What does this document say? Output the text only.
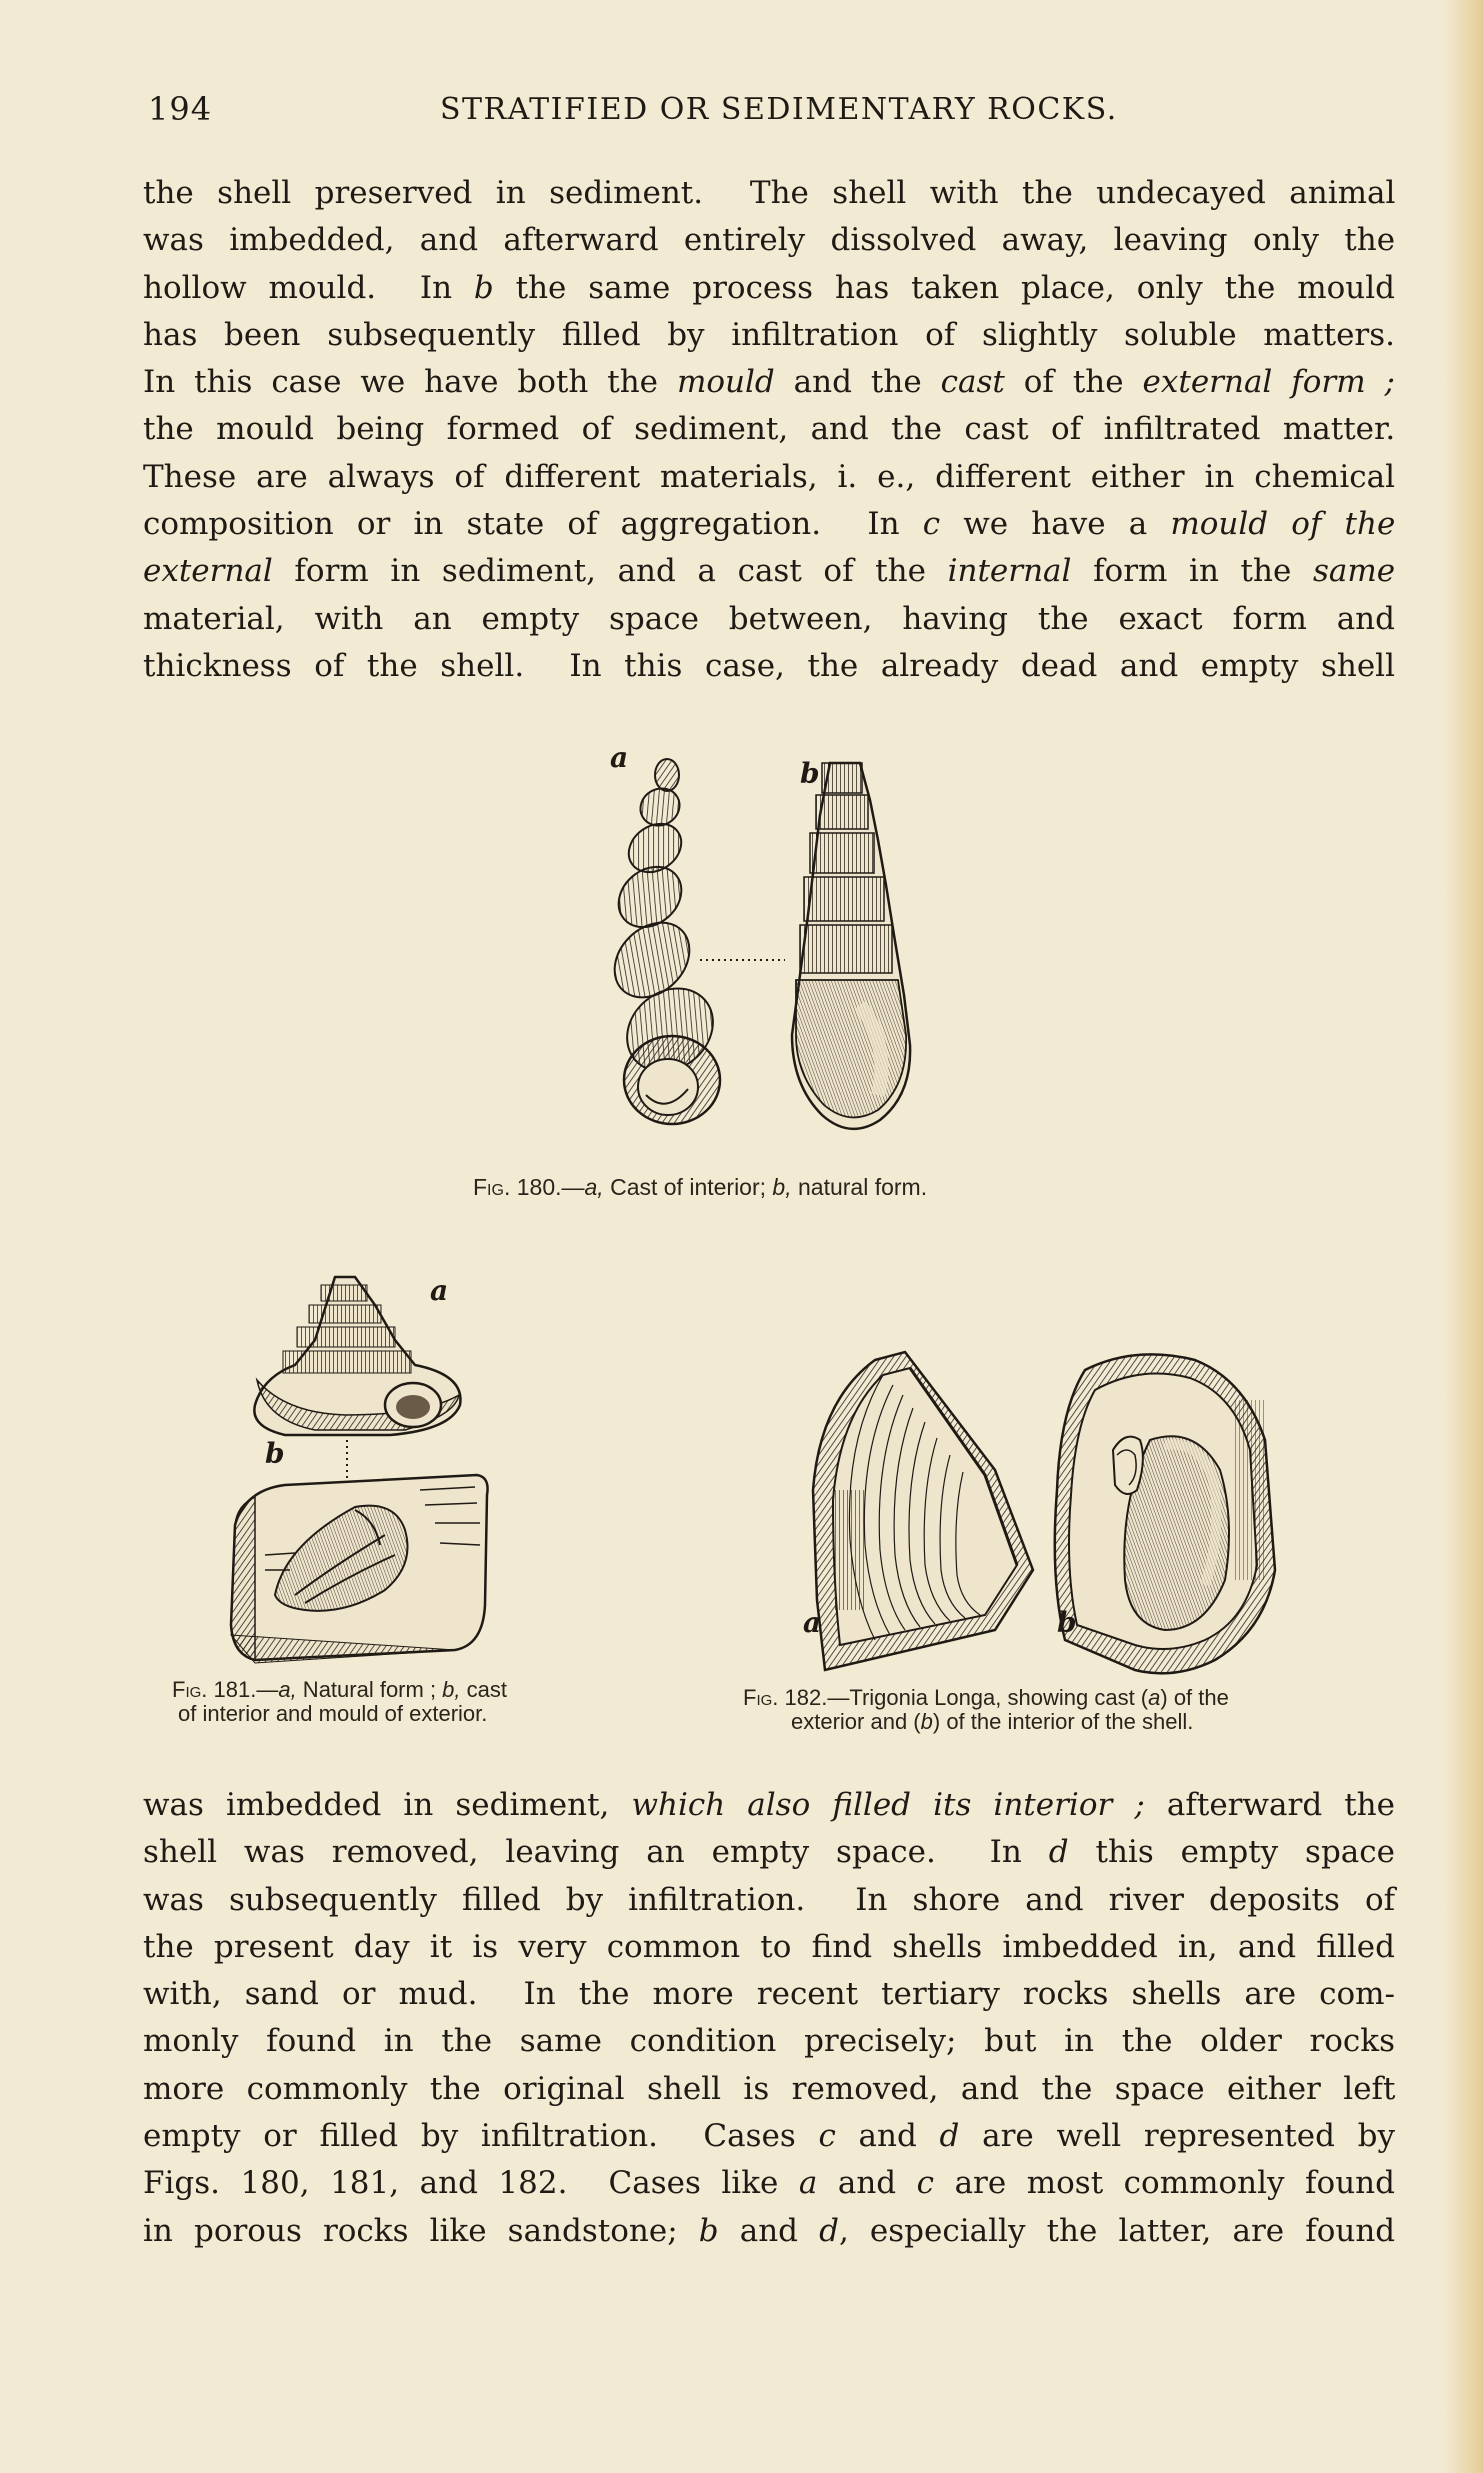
194	STRATIFIED OR SEDIMENTARY ROCKS.
the shell preserved in sediment.  The shell with the undecayed animal
was imbedded, and afterward entirely dissolved away, leaving only the
hollow mould.  In b the same process has taken place, only the mould
has been subsequently filled by infiltration of slightly soluble matters.
In this case we have both the mould and the cast of the external form ;
the mould being formed of sediment, and the cast of infiltrated matter.
These are always of different materials, i. e., different either in chemical
composition or in state of aggregation.  In c we have a mould of the
external form in sediment, and a cast of the internal form in the same
material, with an empty space between, having the exact form and
thickness of the shell.  In this case, the already dead and empty shell
a	b
Fig. 180.—a, Cast of interior; b, natural form.
a
b
Fig. 181.—a, Natural form ; b, cast
of interior and mould of exterior.
a	b
Fig. 182.—Trigonia Longa, showing cast (a) of the
exterior and (b) of the interior of the shell.
was imbedded in sediment, which also filled its interior ; afterward the
shell was removed, leaving an empty space.  In d this empty space
was subsequently filled by infiltration.  In shore and river deposits of
the present day it is very common to find shells imbedded in, and filled
with, sand or mud.  In the more recent tertiary rocks shells are com-
monly found in the same condition precisely; but in the older rocks
more commonly the original shell is removed, and the space either left
empty or filled by infiltration.  Cases c and d are well represented by
Figs. 180, 181, and 182.  Cases like a and c are most commonly found
in porous rocks like sandstone; b and d, especially the latter, are found
